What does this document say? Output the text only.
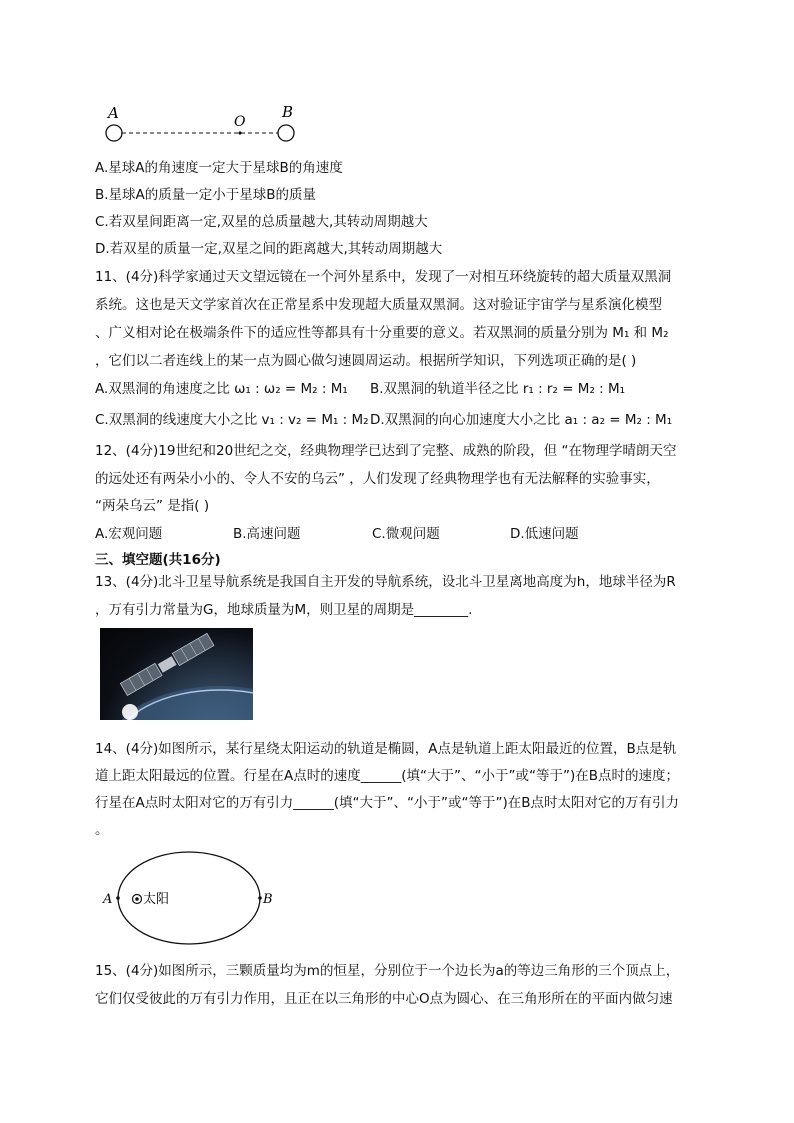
A	O
B
A.星球A的角速度一定大于星球B的角速度
B.星球A的质量一定小于星球B的质量
C.若双星间距离一定,双星的总质量越大,其转动周期越大
D.若双星的质量一定,双星之间的距离越大,其转动周期越大
11、(4分)科学家通过天文望远镜在一个河外星系中，发现了一对相互环绕旋转的超大质量双黑洞
系统。这也是天文学家首次在正常星系中发现超大质量双黑洞。这对验证宇宙学与星系演化模型
、广义相对论在极端条件下的适应性等都具有十分重要的意义。若双黑洞的质量分别为 M₁ 和 M₂
，它们以二者连线上的某一点为圆心做匀速圆周运动。根据所学知识，下列选项正确的是( )
A.双黑洞的角速度之比 ω₁ : ω₂ = M₂ : M₁ B.双黑洞的轨道半径之比 r₁ : r₂ = M₂ : M₁
C.双黑洞的线速度大小之比 v₁ : v₂ = M₁ : M₂ D.双黑洞的向心加速度大小之比 a₁ : a₂ = M₂ : M₁
12、(4分)19世纪和20世纪之交，经典物理学已达到了完整、成熟的阶段，但 “在物理学晴朗天空
的远处还有两朵小小的、令人不安的乌云” ，人们发现了经典物理学也有无法解释的实验事实，
“两朵乌云” 是指( )
A.宏观问题	B.高速问题	C.微观问题	D.低速问题
三、填空题(共16分)
13、(4分)北斗卫星导航系统是我国自主开发的导航系统，设北斗卫星离地高度为h，地球半径为R
，万有引力常量为G，地球质量为M，则卫星的周期是________.
14、(4分)如图所示，某行星绕太阳运动的轨道是椭圆，A点是轨道上距太阳最近的位置，B点是轨
道上距太阳最远的位置。行星在A点时的速度______(填“大于”、“小于”或“等于”)在B点时的速度；
行星在A点时太阳对它的万有引力______(填“大于”、“小于”或“等于”)在B点时太阳对它的万有引力
。
A 太阳	B
15、(4分)如图所示，三颗质量均为m的恒星，分别位于一个边长为a的等边三角形的三个顶点上，
它们仅受彼此的万有引力作用，且正在以三角形的中心O点为圆心、在三角形所在的平面内做匀速
